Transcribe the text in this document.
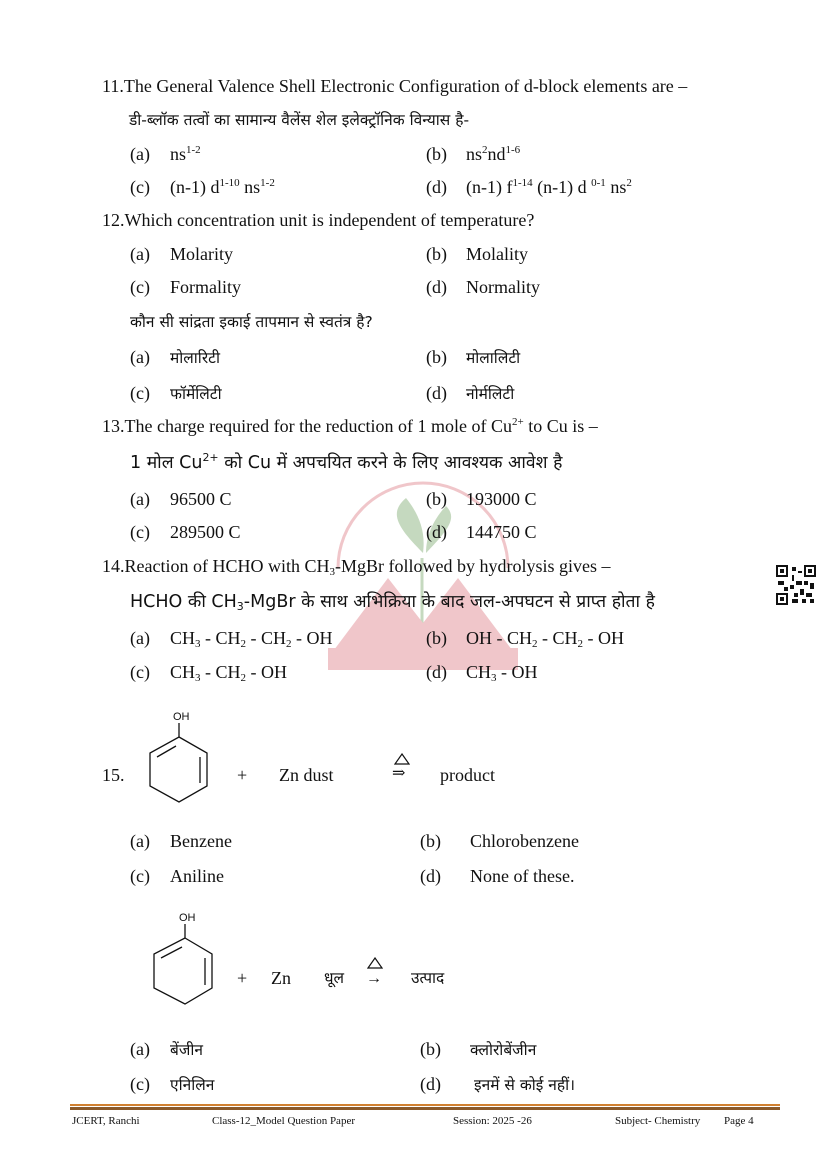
11.The General Valence Shell Electronic Configuration of d-block elements are –
डी-ब्लॉक तत्वों का सामान्य वैलेंस शेल इलेक्ट्रॉनिक विन्यास है-
(a) $ns^{1-2}$	(b) $ns^2nd^{1-6}$
(c) (n-1) $d^{1-10}$ $ns^{1-2}$	(d) (n-1) $f^{1-14}$ (n-1) d $^{0-1}$ $ns^2$
12.Which concentration unit is independent of temperature?
(a) Molarity	(b) Molality
(c) Formality	(d) Normality
कौन सी सांद्रता इकाई तापमान से स्वतंत्र है?
(a) मोलारिटी	(b) मोलालिटी
(c) फॉर्मेलिटी	(d) नोर्मलिटी
13.The charge required for the reduction of 1 mole of $Cu^{2+}$ to Cu is –
1 मोल $Cu^{2+}$ को Cu में अपचयित करने के लिए आवश्यक आवेश है
(a) 96500 C	(b) 193000 C
(c) 289500 C	(d) 144750 C
14.Reaction of HCHO with $CH_3$-MgBr followed by hydrolysis gives –
HCHO की $CH_3$-MgBr के साथ अभिक्रिया के बाद जल-अपघटन से प्राप्त होता है
(a) $CH_3 - CH_2 - CH_2$ - OH	(b) OH - $CH_2 - CH_2$ - OH
(c) $CH_3 - CH_2$ - OH	(d) $CH_3$ - OH
15.
OH
+ Zn dust	⇒ product
(a) Benzene	(b) Chlorobenzene
(c) Aniline	(d) None of these.
OH
+ Zn धूल → उत्पाद
(a) बेंजीन	(b) क्लोरोबेंजीन
(c) एनिलिन	(d) इनमें से कोई नहीं।
JCERT, Ranchi	Class-12_Model Question Paper	Session: 2025 -26	Subject- Chemistry Page 4
